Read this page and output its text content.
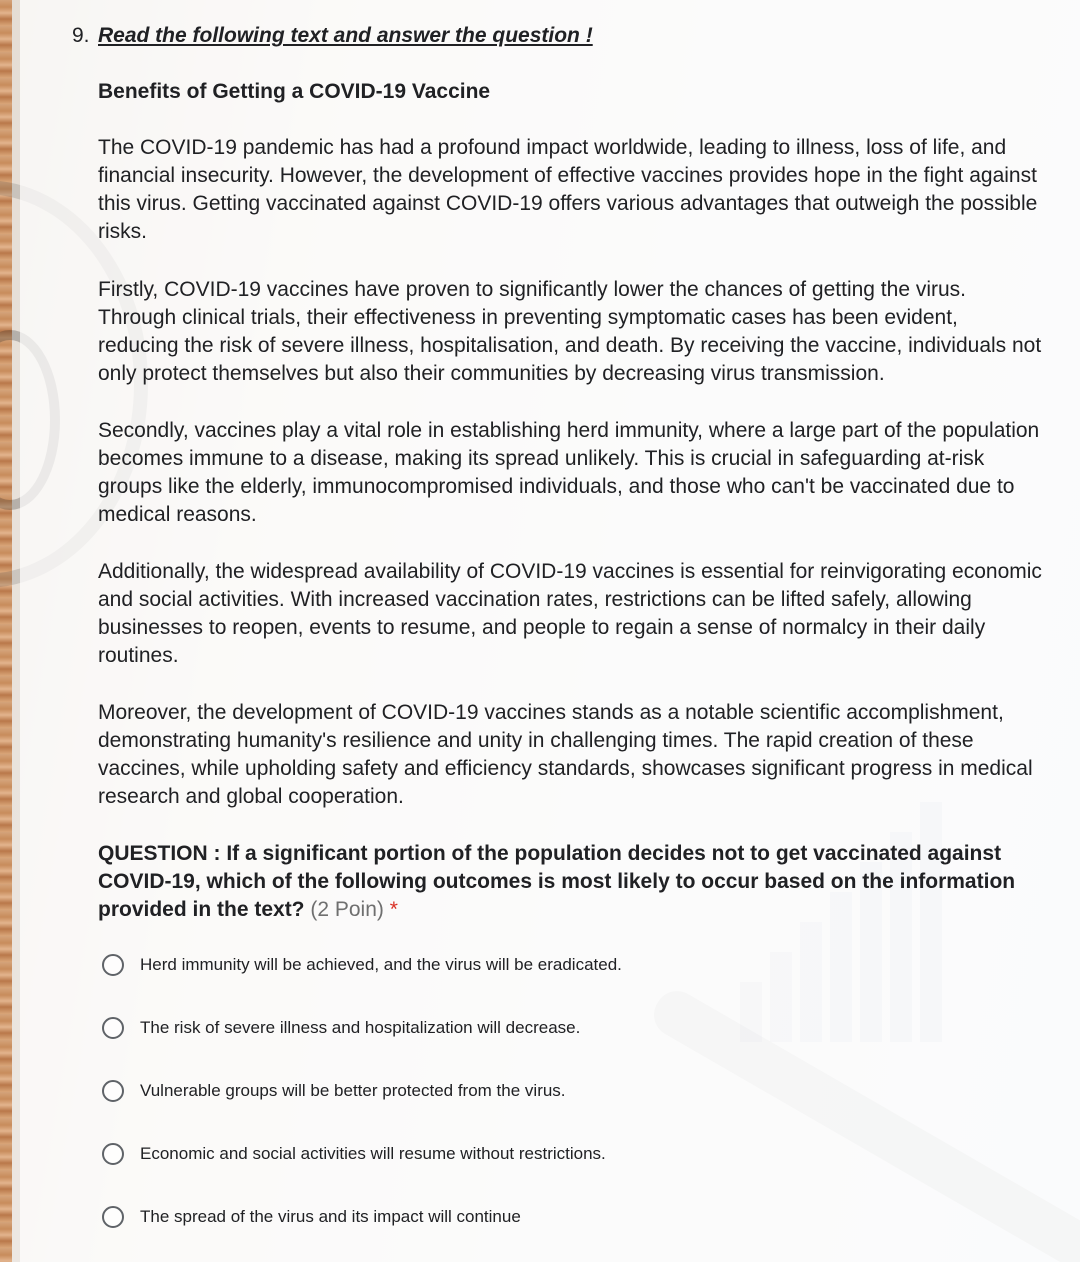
9. Read the following text and answer the question !
Benefits of Getting a COVID-19 Vaccine
The COVID-19 pandemic has had a profound impact worldwide, leading to illness, loss of life, and financial insecurity. However, the development of effective vaccines provides hope in the fight against this virus. Getting vaccinated against COVID-19 offers various advantages that outweigh the possible risks.
Firstly, COVID-19 vaccines have proven to significantly lower the chances of getting the virus. Through clinical trials, their effectiveness in preventing symptomatic cases has been evident, reducing the risk of severe illness, hospitalisation, and death. By receiving the vaccine, individuals not only protect themselves but also their communities by decreasing virus transmission.
Secondly, vaccines play a vital role in establishing herd immunity, where a large part of the population becomes immune to a disease, making its spread unlikely. This is crucial in safeguarding at-risk groups like the elderly, immunocompromised individuals, and those who can't be vaccinated due to medical reasons.
Additionally, the widespread availability of COVID-19 vaccines is essential for reinvigorating economic and social activities. With increased vaccination rates, restrictions can be lifted safely, allowing businesses to reopen, events to resume, and people to regain a sense of normalcy in their daily routines.
Moreover, the development of COVID-19 vaccines stands as a notable scientific accomplishment, demonstrating humanity's resilience and unity in challenging times. The rapid creation of these vaccines, while upholding safety and efficiency standards, showcases significant progress in medical research and global cooperation.
QUESTION : If a significant portion of the population decides not to get vaccinated against COVID-19, which of the following outcomes is most likely to occur based on the information provided in the text? (2 Poin) *
Herd immunity will be achieved, and the virus will be eradicated.
The risk of severe illness and hospitalization will decrease.
Vulnerable groups will be better protected from the virus.
Economic and social activities will resume without restrictions.
The spread of the virus and its impact will continue
